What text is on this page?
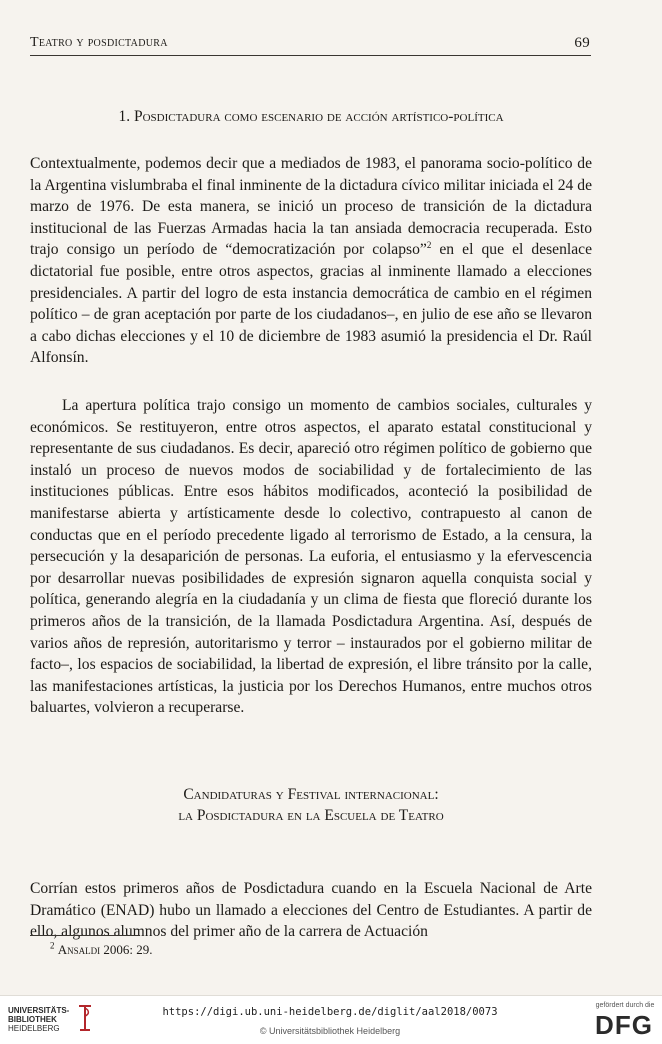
Teatro y posdictadura	69
1. Posdictadura como escenario de acción artístico-política

Contextualmente, podemos decir que a mediados de 1983, el panorama socio-político de la Argentina vislumbraba el final inminente de la dictadura cívico militar iniciada el 24 de marzo de 1976. De esta manera, se inició un proceso de transición de la dictadura institucional de las Fuerzas Armadas hacia la tan ansiada democracia recuperada. Esto trajo consigo un período de “democratización por colapso”$^2$ en el que el desenlace dictatorial fue posible, entre otros aspectos, gracias al inminente llamado a elecciones presidenciales. A partir del logro de esta instancia democrática de cambio en el régimen político – de gran aceptación por parte de los ciudadanos–, en julio de ese año se llevaron a cabo dichas elecciones y el 10 de diciembre de 1983 asumió la presidencia el Dr. Raúl Alfonsín.

La apertura política trajo consigo un momento de cambios sociales, culturales y económicos. Se restituyeron, entre otros aspectos, el aparato estatal constitucional y representante de sus ciudadanos. Es decir, apareció otro régimen político de gobierno que instaló un proceso de nuevos modos de sociabilidad y de fortalecimiento de las instituciones públicas. Entre esos hábitos modificados, aconteció la posibilidad de manifestarse abierta y artísticamente desde lo colectivo, contrapuesto al canon de conductas que en el período precedente ligado al terrorismo de Estado, a la censura, la persecución y la desaparición de personas. La euforia, el entusiasmo y la efervescencia por desarrollar nuevas posibilidades de expresión signaron aquella conquista social y política, generando alegría en la ciudadanía y un clima de fiesta que floreció durante los primeros años de la transición, de la llamada Posdictadura Argentina. Así, después de varios años de represión, autoritarismo y terror – instaurados por el gobierno militar de facto–, los espacios de sociabilidad, la libertad de expresión, el libre tránsito por la calle, las manifestaciones artísticas, la justicia por los Derechos Humanos, entre muchos otros baluartes, volvieron a recuperarse.

Candidaturas y Festival internacional:
la Posdictadura en la Escuela de Teatro

Corrían estos primeros años de Posdictadura cuando en la Escuela Nacional de Arte Dramático (ENAD) hubo un llamado a elecciones del Centro de Estudiantes. A partir de ello, algunos alumnos del primer año de la carrera de Actuación

$^2$ Ansaldi 2006: 29.
UNIVERSITÄTS-
BIBLIOTHEK
HEIDELBERG
https://digi.ub.uni-heidelberg.de/diglit/aal2018/0073
© Universitätsbibliothek Heidelberg
gefördert durch die
DFG
